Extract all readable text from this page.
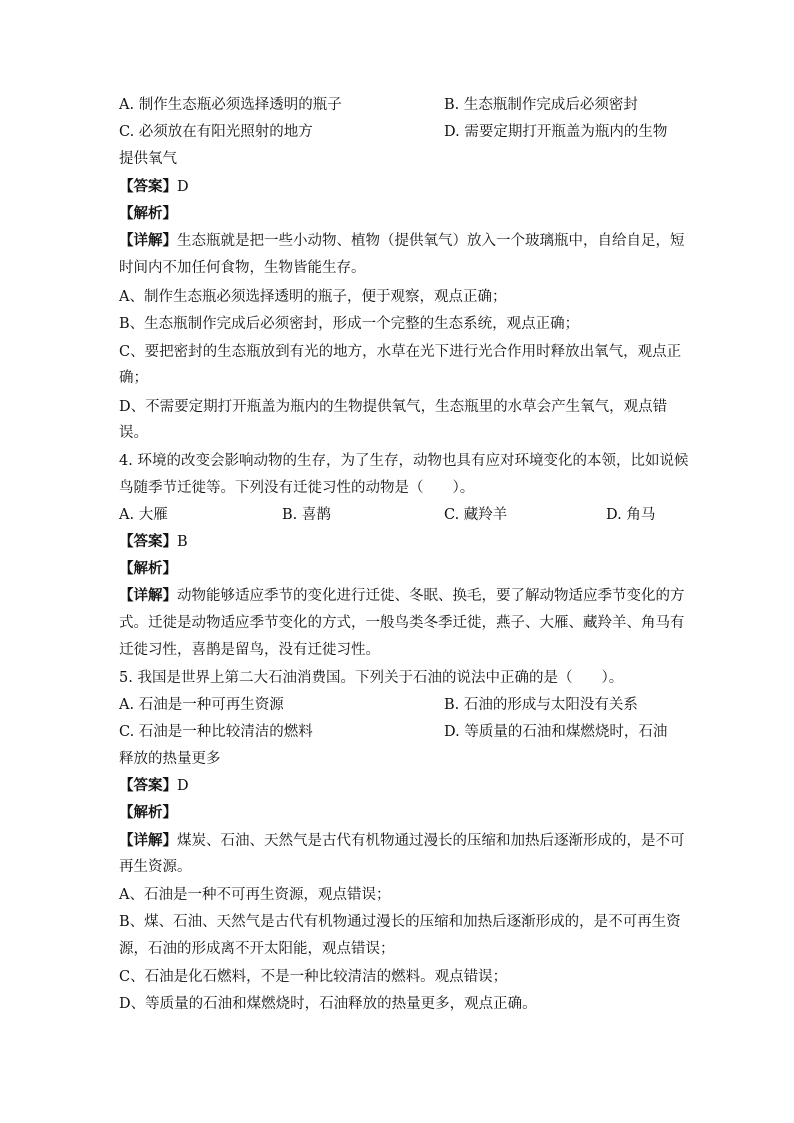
A. 制作生态瓶必须选择透明的瓶子	B. 生态瓶制作完成后必须密封
C. 必须放在有阳光照射的地方	D. 需要定期打开瓶盖为瓶内的生物
提供氧气
【答案】D
【解析】
【详解】生态瓶就是把一些小动物、植物（提供氧气）放入一个玻璃瓶中，自给自足，短
时间内不加任何食物，生物皆能生存。
A、制作生态瓶必须选择透明的瓶子，便于观察，观点正确；
B、生态瓶制作完成后必须密封，形成一个完整的生态系统，观点正确；
C、要把密封的生态瓶放到有光的地方，水草在光下进行光合作用时释放出氧气，观点正
确；
D、不需要定期打开瓶盖为瓶内的生物提供氧气，生态瓶里的水草会产生氧气，观点错
误。
4. 环境的改变会影响动物的生存，为了生存，动物也具有应对环境变化的本领，比如说候
鸟随季节迁徙等。下列没有迁徙习性的动物是（　　）。
A. 大雁	B. 喜鹊	C. 藏羚羊	D. 角马
【答案】B
【解析】
【详解】动物能够适应季节的变化进行迁徙、冬眠、换毛，要了解动物适应季节变化的方
式。迁徙是动物适应季节变化的方式，一般鸟类冬季迁徙，燕子、大雁、藏羚羊、角马有
迁徙习性，喜鹊是留鸟，没有迁徙习性。
5. 我国是世界上第二大石油消费国。下列关于石油的说法中正确的是（　　）。
A. 石油是一种可再生资源	B. 石油的形成与太阳没有关系
C. 石油是一种比较清洁的燃料	D. 等质量的石油和煤燃烧时，石油
释放的热量更多
【答案】D
【解析】
【详解】煤炭、石油、天然气是古代有机物通过漫长的压缩和加热后逐渐形成的，是不可
再生资源。
A、石油是一种不可再生资源，观点错误；
B、煤、石油、天然气是古代有机物通过漫长的压缩和加热后逐渐形成的，是不可再生资
源，石油的形成离不开太阳能，观点错误；
C、石油是化石燃料，不是一种比较清洁的燃料。观点错误；
D、等质量的石油和煤燃烧时，石油释放的热量更多，观点正确。
